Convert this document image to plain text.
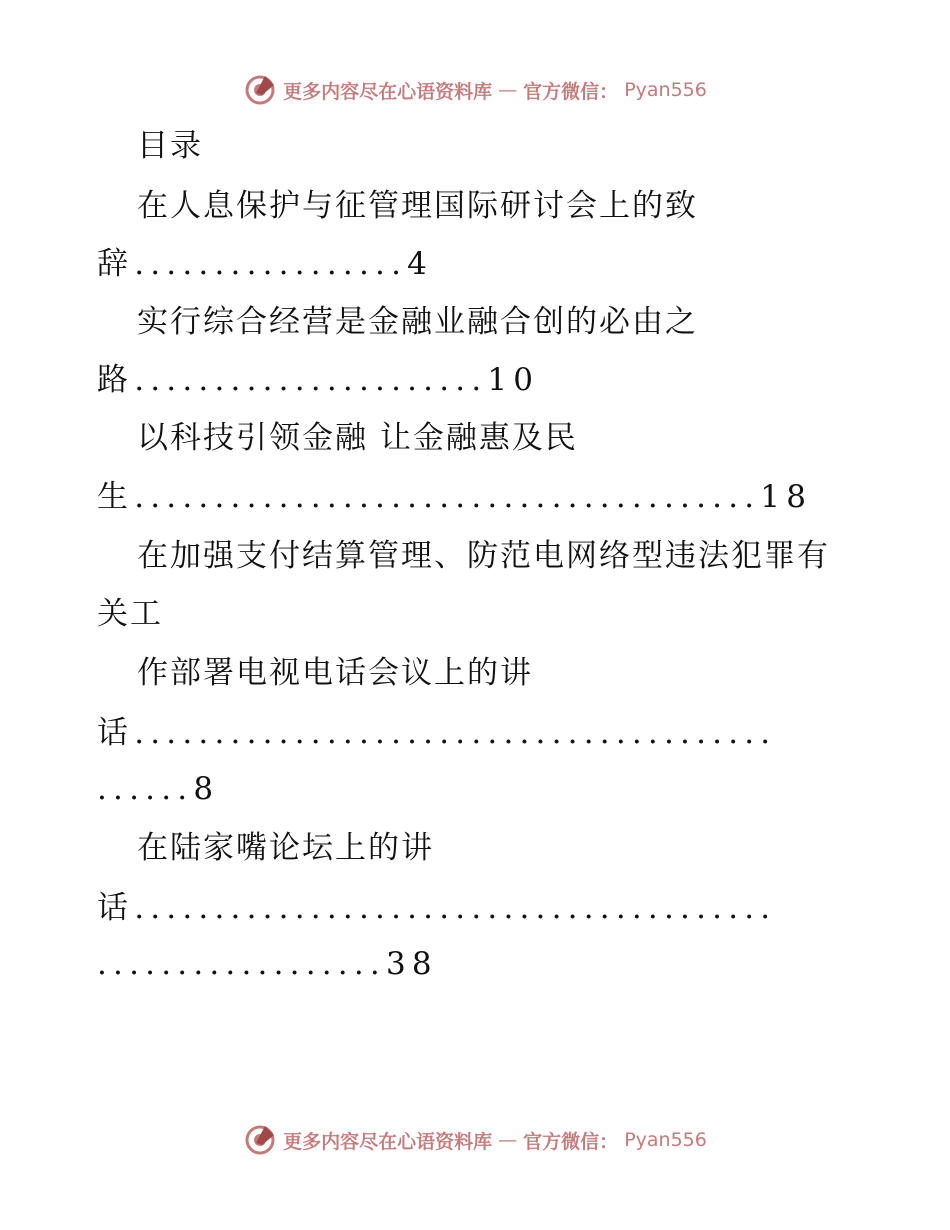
更多内容尽在心语资料库 — 官方微信： Pyan556
目录
在人息保护与征管理国际研讨会上的致
辞.................4
实行综合经营是金融业融合创的必由之
路......................10
以科技引领金融 让金融惠及民
生.......................................18
在加强支付结算管理、防范电网络型违法犯罪有
关工
作部署电视电话会议上的讲
话........................................
......8
在陆家嘴论坛上的讲
话........................................
..................38
更多内容尽在心语资料库 — 官方微信： Pyan556
